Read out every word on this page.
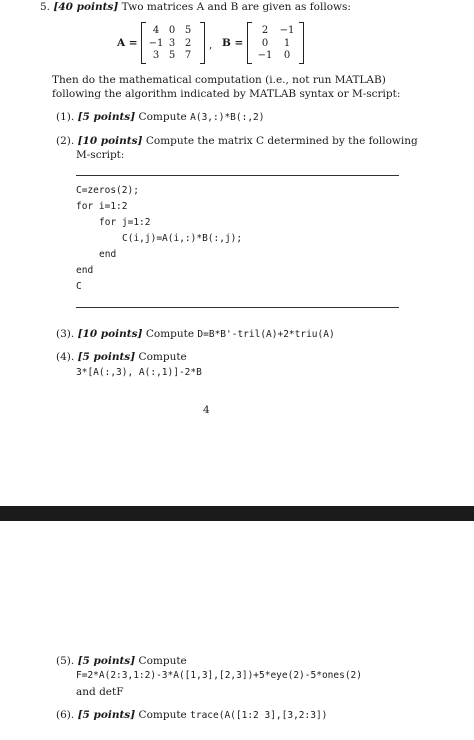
5. [40 points] Two matrices A and B are given as follows:
A =
4 0 5
−1 3 2
3 5 7
, B =
2	−1
0	1
−1	0
Then do the mathematical computation (i.e., not run MATLAB)
following the algorithm indicated by MATLAB syntax or M-script:
(1). [5 points] Compute A(3,:)*B(:,2)
(2). [10 points] Compute the matrix C determined by the following
M-script:
C=zeros(2);
for i=1:2
for j=1:2
C(i,j)=A(i,:)*B(:,j);
end
end
C
(3). [10 points] Compute D=B*B'-tril(A)+2*triu(A)
(4). [5 points] Compute
3*[A(:,3), A(:,1)]-2*B
4
(5). [5 points] Compute
F=2*A(2:3,1:2)-3*A([1,3],[2,3])+5*eye(2)-5*ones(2)
and detF
(6). [5 points] Compute trace(A([1:2 3],[3,2:3])
